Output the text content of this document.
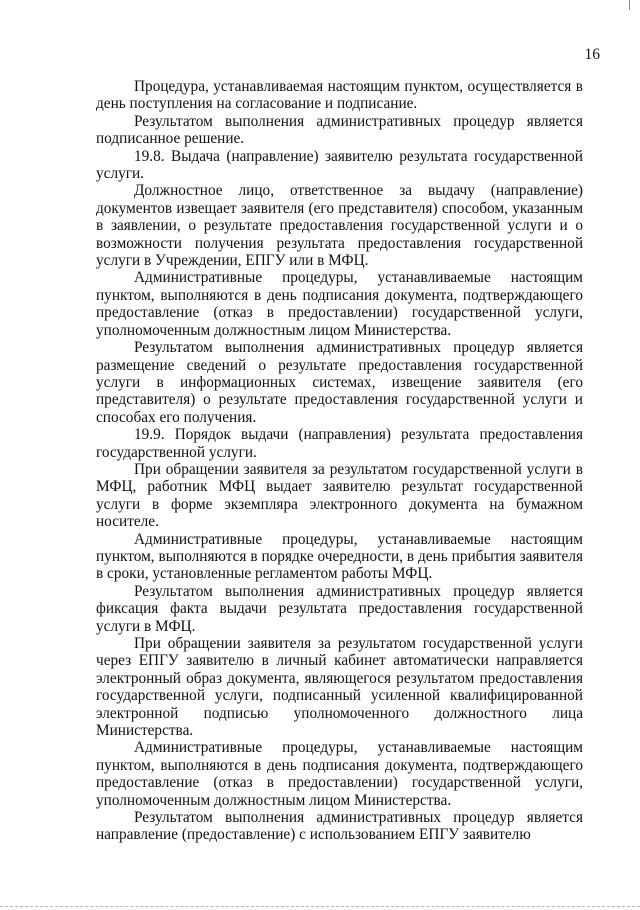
16

Процедура, устанавливаемая настоящим пунктом, осуществляется в день поступления на согласование и подписание.

Результатом выполнения административных процедур является подписанное решение.

19.8. Выдача (направление) заявителю результата государственной услуги.

Должностное лицо, ответственное за выдачу (направление) документов извещает заявителя (его представителя) способом, указанным в заявлении, о результате предоставления государственной услуги и о возможности получения результата предоставления государственной услуги в Учреждении, ЕПГУ или в МФЦ.

Административные процедуры, устанавливаемые настоящим пунктом, выполняются в день подписания документа, подтверждающего предоставление (отказ в предоставлении) государственной услуги, уполномоченным должностным лицом Министерства.

Результатом выполнения административных процедур является размещение сведений о результате предоставления государственной услуги в информационных системах, извещение заявителя (его представителя) о результате предоставления государственной услуги и способах его получения.

19.9. Порядок выдачи (направления) результата предоставления государственной услуги.

При обращении заявителя за результатом государственной услуги в МФЦ, работник МФЦ выдает заявителю результат государственной услуги в форме экземпляра электронного документа на бумажном носителе.

Административные процедуры, устанавливаемые настоящим пунктом, выполняются в порядке очередности, в день прибытия заявителя в сроки, установленные регламентом работы МФЦ.

Результатом выполнения административных процедур является фиксация факта выдачи результата предоставления государственной услуги в МФЦ.

При обращении заявителя за результатом государственной услуги через ЕПГУ заявителю в личный кабинет автоматически направляется электронный образ документа, являющегося результатом предоставления государственной услуги, подписанный усиленной квалифицированной электронной подписью уполномоченного должностного лица Министерства.

Административные процедуры, устанавливаемые настоящим пунктом, выполняются в день подписания документа, подтверждающего предоставление (отказ в предоставлении) государственной услуги, уполномоченным должностным лицом Министерства.

Результатом выполнения административных процедур является направление (предоставление) с использованием ЕПГУ заявителю
